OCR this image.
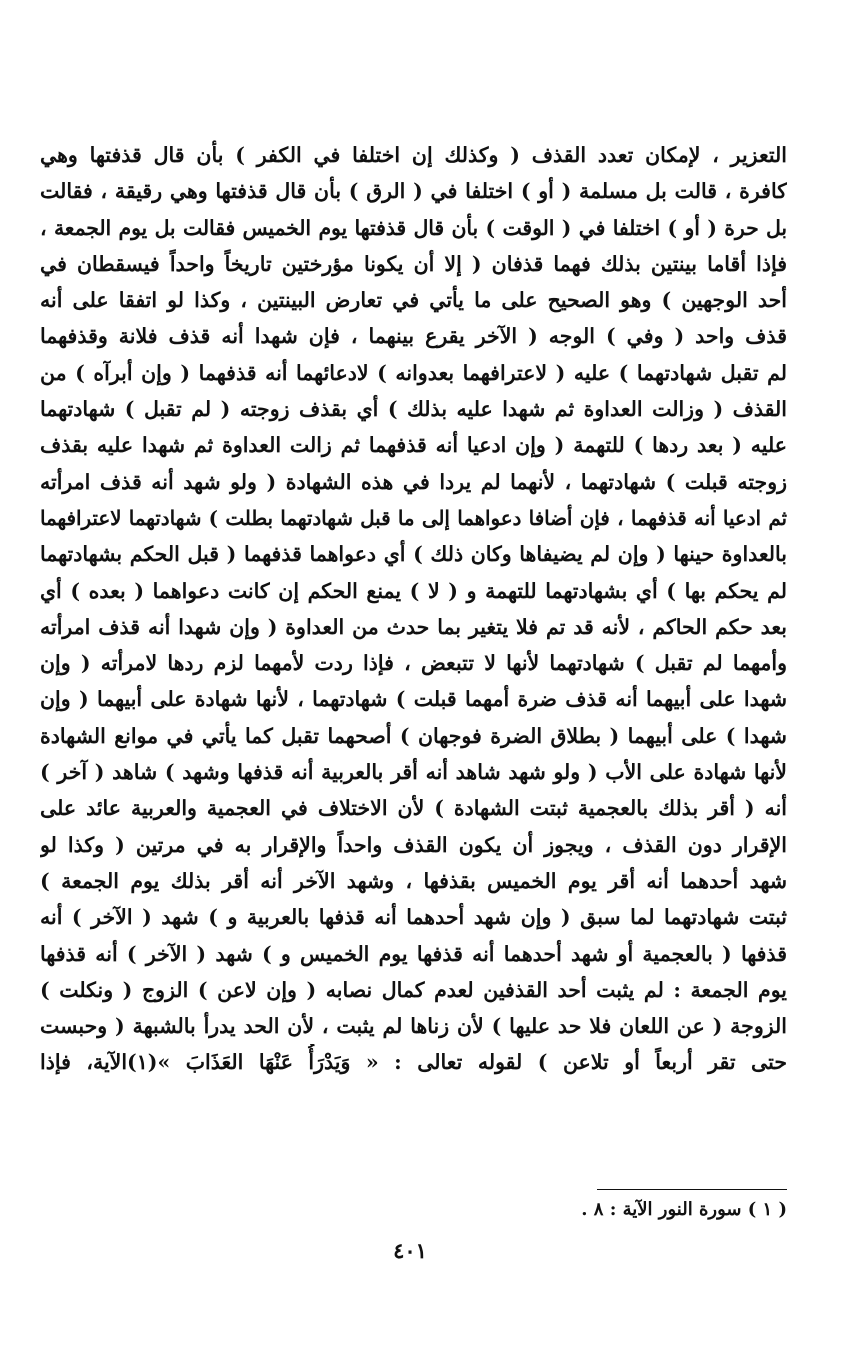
التعزير ، لإمكان تعدد القذف ( وكذلك إن اختلفا في الكفر ) بأن قال قذفتها وهي
كافرة ، قالت بل مسلمة ( أو ) اختلفا في ( الرق ) بأن قال قذفتها وهي رقيقة ، فقالت
بل حرة ( أو ) اختلفا في ( الوقت ) بأن قال قذفتها يوم الخميس فقالت بل يوم الجمعة ،
فإذا أقاما بينتين بذلك فهما قذفان ( إلا أن يكونا مؤرختين تاريخاً واحداً فيسقطان في
أحد الوجهين ) وهو الصحيح على ما يأتي في تعارض البينتين ، وكذا لو اتفقا على أنه
قذف واحد ( وفي ) الوجه ( الآخر يقرع بينهما ، فإن شهدا أنه قذف فلانة وقذفهما
لم تقبل شهادتهما ) عليه ( لاعترافهما بعدوانه ) لادعائهما أنه قذفهما ( وإن أبرآه ) من
القذف ( وزالت العداوة ثم شهدا عليه بذلك ) أي بقذف زوجته ( لم تقبل ) شهادتهما
عليه ( بعد ردها ) للتهمة ( وإن ادعيا أنه قذفهما ثم زالت العداوة ثم شهدا عليه بقذف
زوجته قبلت ) شهادتهما ، لأنهما لم يردا في هذه الشهادة ( ولو شهد أنه قذف امرأته
ثم ادعيا أنه قذفهما ، فإن أضافا دعواهما إلى ما قبل شهادتهما بطلت ) شهادتهما لاعترافهما
بالعداوة حينها ( وإن لم يضيفاها وكان ذلك ) أي دعواهما قذفهما ( قبل الحكم بشهادتهما
لم يحكم بها ) أي بشهادتهما للتهمة و ( لا ) يمنع الحكم إن كانت دعواهما ( بعده ) أي
بعد حكم الحاكم ، لأنه قد تم فلا يتغير بما حدث من العداوة ( وإن شهدا أنه قذف امرأته
وأمهما لم تقبل ) شهادتهما لأنها لا تتبعض ، فإذا ردت لأمهما لزم ردها لامرأته ( وإن
شهدا على أبيهما أنه قذف ضرة أمهما قبلت ) شهادتهما ، لأنها شهادة على أبيهما ( وإن
شهدا ) على أبيهما ( بطلاق الضرة فوجهان ) أصحهما تقبل كما يأتي في موانع الشهادة
لأنها شهادة على الأب ( ولو شهد شاهد أنه أقر بالعربية أنه قذفها وشهد ) شاهد ( آخر )
أنه ( أقر بذلك بالعجمية ثبتت الشهادة ) لأن الاختلاف في العجمية والعربية عائد على
الإقرار دون القذف ، ويجوز أن يكون القذف واحداً والإقرار به في مرتين ( وكذا لو
شهد أحدهما أنه أقر يوم الخميس بقذفها ، وشهد الآخر أنه أقر بذلك يوم الجمعة )
ثبتت شهادتهما لما سبق ( وإن شهد أحدهما أنه قذفها بالعربية و ) شهد ( الآخر ) أنه
قذفها ( بالعجمية أو شهد أحدهما أنه قذفها يوم الخميس و ) شهد ( الآخر ) أنه قذفها
يوم الجمعة : لم يثبت أحد القذفين لعدم كمال نصابه ( وإن لاعن ) الزوج ( ونكلت )
الزوجة ( عن اللعان فلا حد عليها ) لأن زناها لم يثبت ، لأن الحد يدرأ بالشبهة ( وحبست
حتى تقر أربعاً أو تلاعن ) لقوله تعالى : « وَيَدْرَأُ عَنْهَا العَذَابَ »(١)الآية، فإذا
( ١ ) سورة النور الآية : ٨ .
٤٠١
